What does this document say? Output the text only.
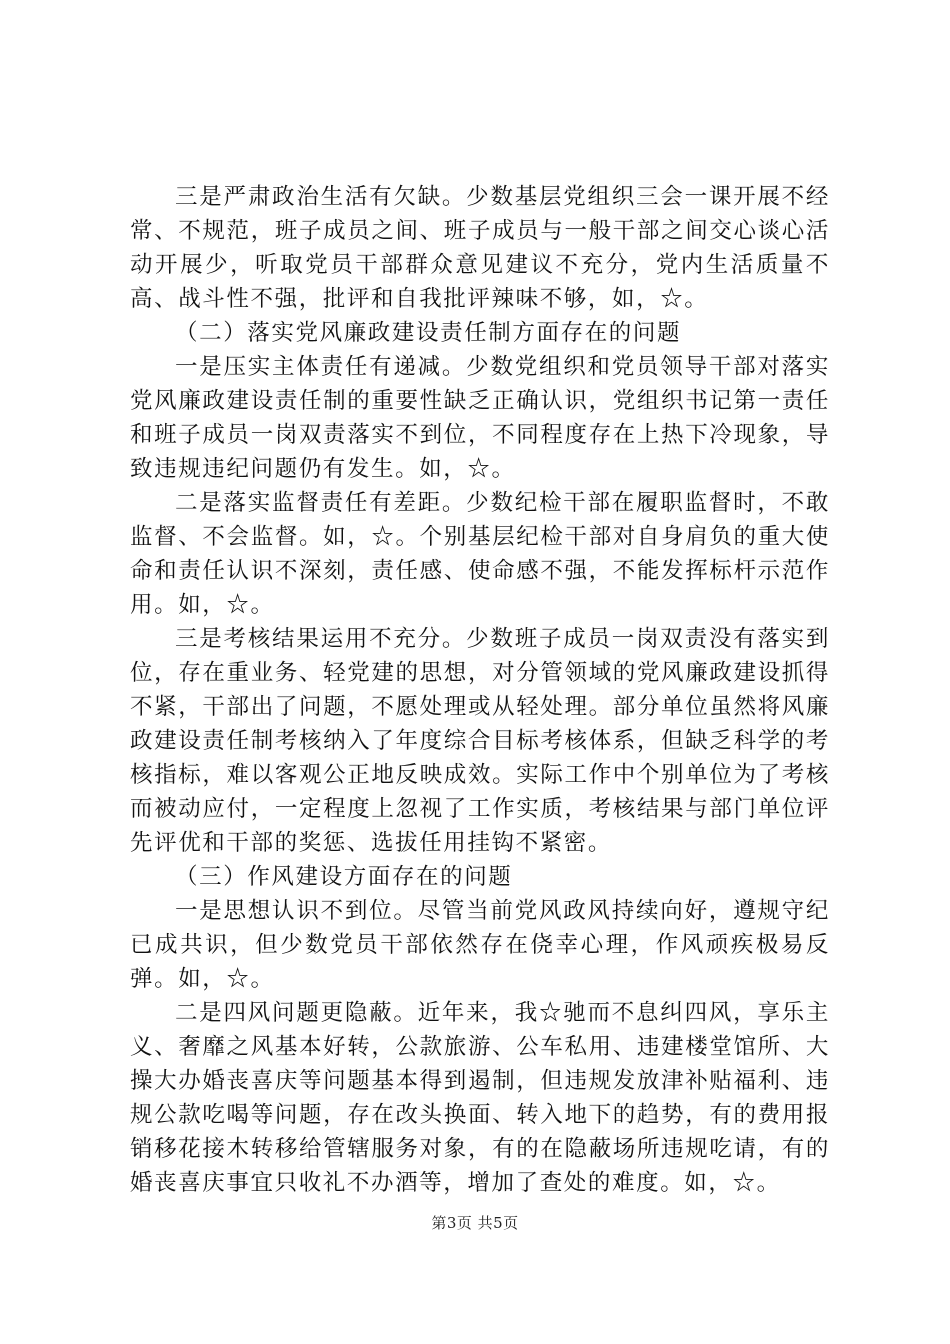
三是严肃政治生活有欠缺。少数基层党组织三会一课开展不经常、不规范，班子成员之间、班子成员与一般干部之间交心谈心活动开展少，听取党员干部群众意见建议不充分，党内生活质量不高、战斗性不强，批评和自我批评辣味不够，如，☆。

（二）落实党风廉政建设责任制方面存在的问题

一是压实主体责任有递减。少数党组织和党员领导干部对落实党风廉政建设责任制的重要性缺乏正确认识，党组织书记第一责任和班子成员一岗双责落实不到位，不同程度存在上热下冷现象，导致违规违纪问题仍有发生。如，☆。

二是落实监督责任有差距。少数纪检干部在履职监督时，不敢监督、不会监督。如，☆。个别基层纪检干部对自身肩负的重大使命和责任认识不深刻，责任感、使命感不强，不能发挥标杆示范作用。如，☆。

三是考核结果运用不充分。少数班子成员一岗双责没有落实到位，存在重业务、轻党建的思想，对分管领域的党风廉政建设抓得不紧，干部出了问题，不愿处理或从轻处理。部分单位虽然将风廉政建设责任制考核纳入了年度综合目标考核体系，但缺乏科学的考核指标，难以客观公正地反映成效。实际工作中个别单位为了考核而被动应付，一定程度上忽视了工作实质，考核结果与部门单位评先评优和干部的奖惩、选拔任用挂钩不紧密。

（三）作风建设方面存在的问题

一是思想认识不到位。尽管当前党风政风持续向好，遵规守纪已成共识，但少数党员干部依然存在侥幸心理，作风顽疾极易反弹。如，☆。

二是四风问题更隐蔽。近年来，我☆驰而不息纠四风，享乐主义、奢靡之风基本好转，公款旅游、公车私用、违建楼堂馆所、大操大办婚丧喜庆等问题基本得到遏制，但违规发放津补贴福利、违规公款吃喝等问题，存在改头换面、转入地下的趋势，有的费用报销移花接木转移给管辖服务对象，有的在隐蔽场所违规吃请，有的婚丧喜庆事宜只收礼不办酒等，增加了查处的难度。如，☆。

第3页 共5页
